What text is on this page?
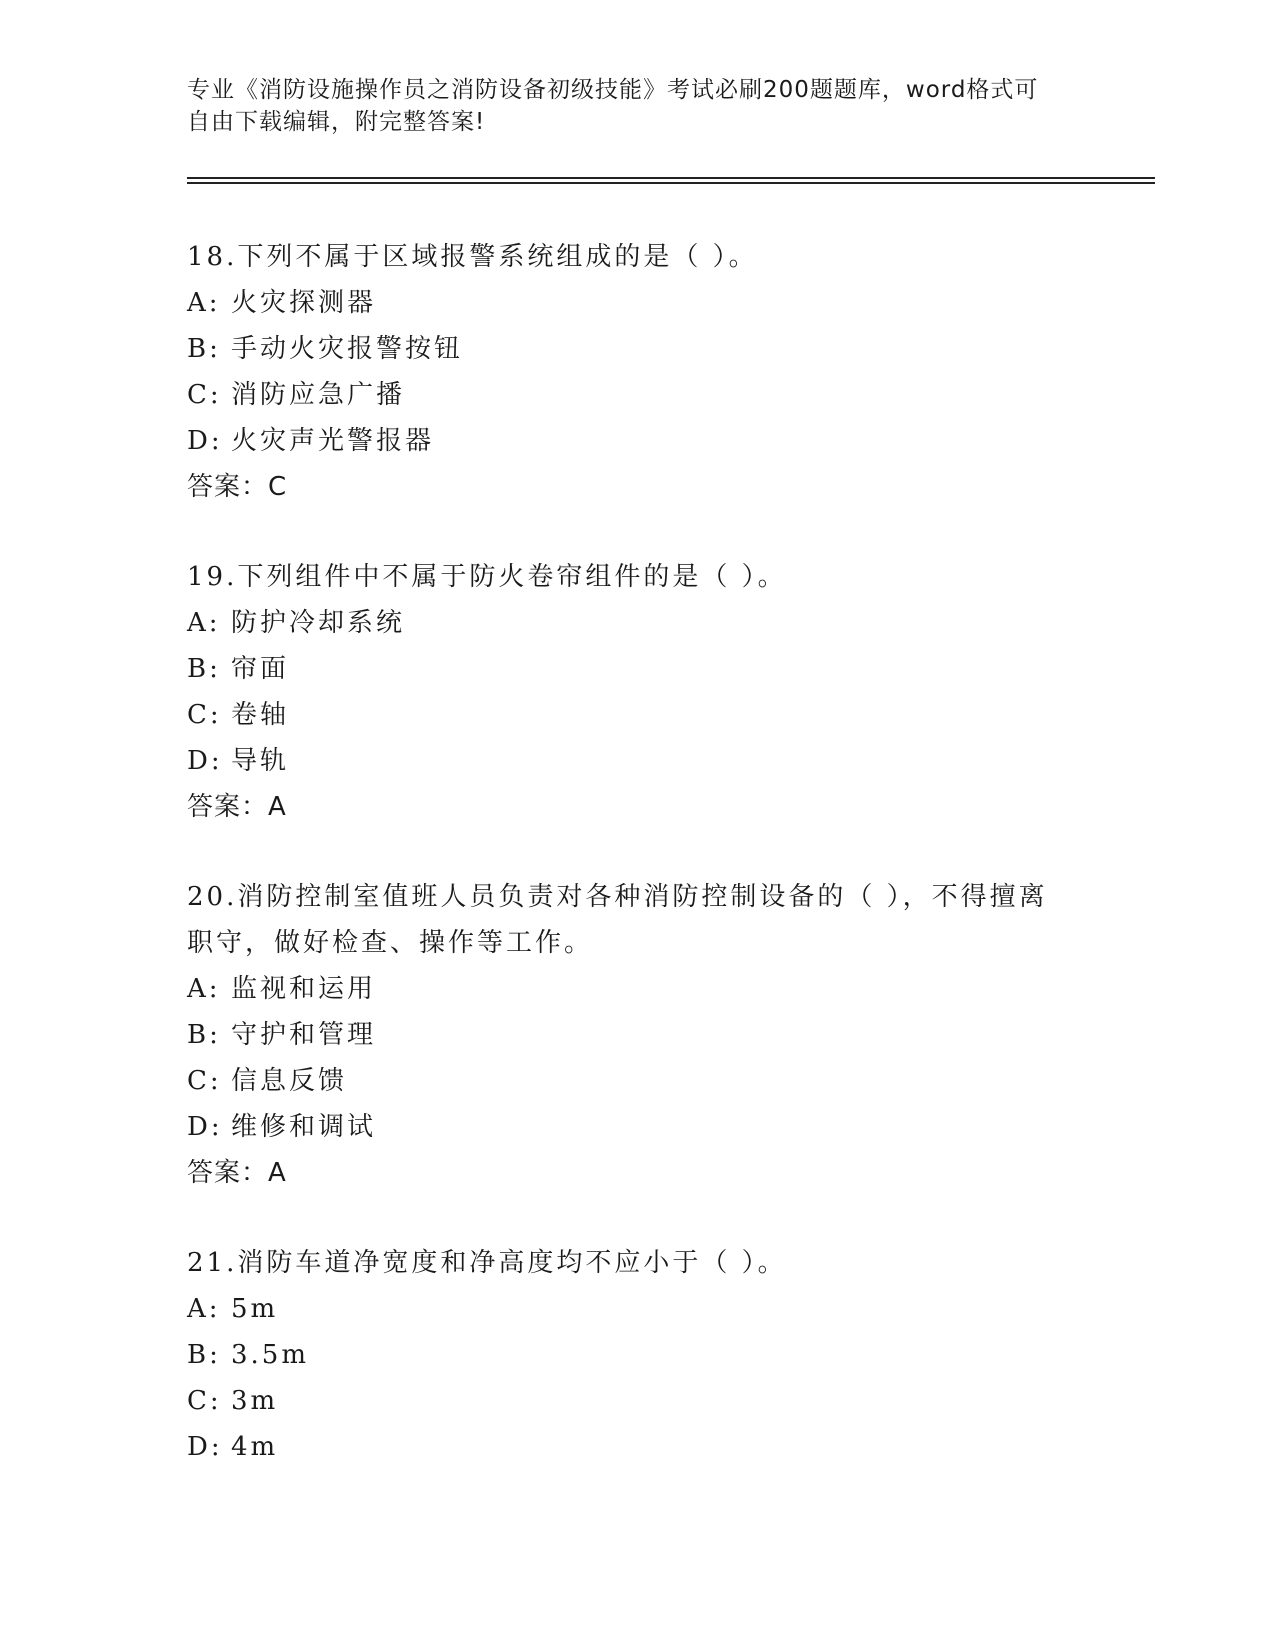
专业《消防设施操作员之消防设备初级技能》考试必刷200题题库，word格式可
自由下载编辑，附完整答案!

18.下列不属于区域报警系统组成的是（ ）。

A: 火灾探测器

B: 手动火灾报警按钮

C: 消防应急广播

D: 火灾声光警报器

答案：C

19.下列组件中不属于防火卷帘组件的是（ ）。

A: 防护冷却系统

B: 帘面

C: 卷轴

D: 导轨

答案：A

20.消防控制室值班人员负责对各种消防控制设备的（ ），不得擅离

职守，做好检查、操作等工作。

A: 监视和运用

B: 守护和管理

C: 信息反馈

D: 维修和调试

答案：A

21.消防车道净宽度和净高度均不应小于（ ）。

A: 5m

B: 3.5m

C: 3m

D: 4m
